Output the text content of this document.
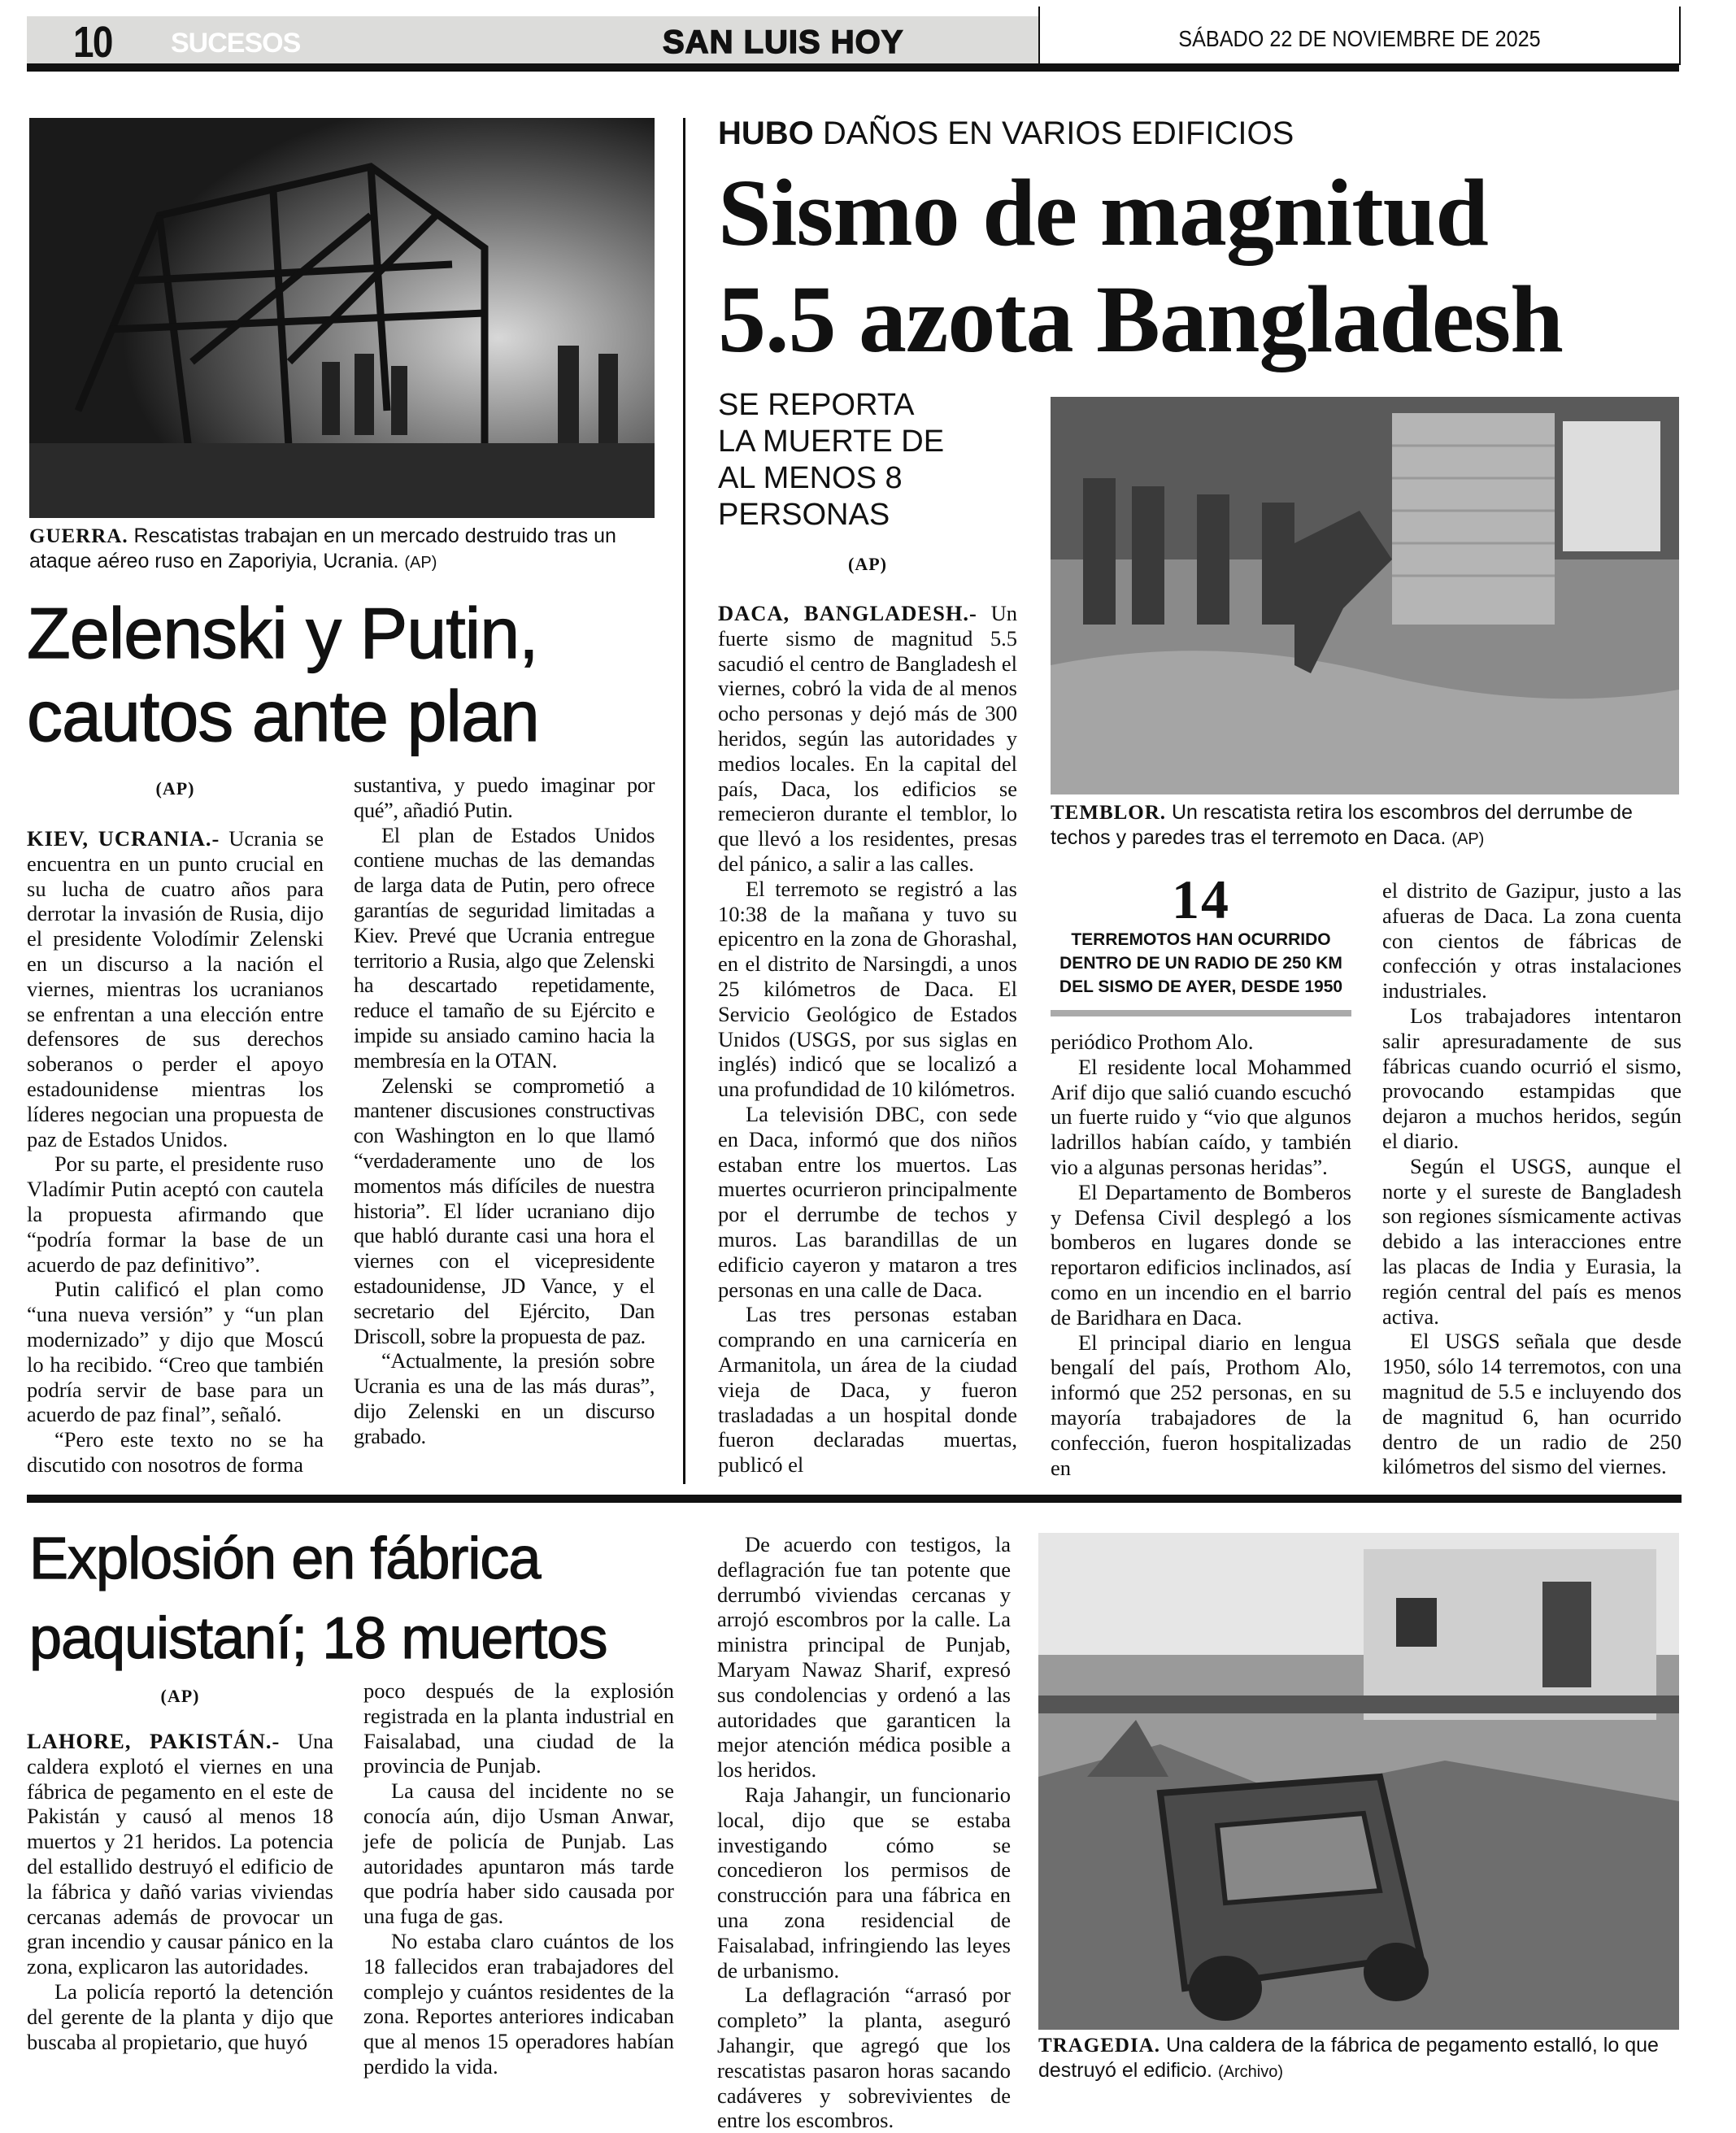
10 SUCESOS	SAN LUIS HOY	SÁBADO 22 DE NOVIEMBRE DE 2025
GUERRA. Rescatistas trabajan en un mercado destruido tras un ataque aéreo ruso en Zaporiyia, Ucrania. (AP)
Zelenski y Putin,
cautos ante plan
(AP)

KIEV, UCRANIA.- Ucrania se encuentra en un punto crucial en su lucha de cuatro años para derrotar la invasión de Rusia, dijo el presidente Volodímir Zelenski en un discurso a la nación el viernes, mientras los ucranianos se enfrentan a una elección entre defensores de sus derechos soberanos o perder el apoyo estadounidense mientras los líderes negocian una propuesta de paz de Estados Unidos.

Por su parte, el presidente ruso Vladímir Putin aceptó con cautela la propuesta afirmando que “podría formar la base de un acuerdo de paz definitivo”.

Putin calificó el plan como “una nueva versión” y “un plan modernizado” y dijo que Moscú lo ha recibido. “Creo que también podría servir de base para un acuerdo de paz final”, señaló.

“Pero este texto no se ha discutido con nosotros de forma

sustantiva, y puedo imaginar por qué”, añadió Putin.

El plan de Estados Unidos contiene muchas de las demandas de larga data de Putin, pero ofrece garantías de seguridad limitadas a Kiev. Prevé que Ucrania entregue territorio a Rusia, algo que Zelenski ha descartado repetidamente, reduce el tamaño de su Ejército e impide su ansiado camino hacia la membresía en la OTAN.

Zelenski se comprometió a mantener discusiones constructivas con Washington en lo que llamó “verdaderamente uno de los momentos más difíciles de nuestra historia”. El líder ucraniano dijo que habló durante casi una hora el viernes con el vicepresidente estadounidense, JD Vance, y el secretario del Ejército, Dan Driscoll, sobre la propuesta de paz.

“Actualmente, la presión sobre Ucrania es una de las más duras”, dijo Zelenski en un discurso grabado.

HUBO DAÑOS EN VARIOS EDIFICIOS
Sismo de magnitud
5.5 azota Bangladesh
SE REPORTA
LA MUERTE DE
AL MENOS 8
PERSONAS
(AP)
TEMBLOR. Un rescatista retira los escombros del derrumbe de techos y paredes tras el terremoto en Daca. (AP)
14
TERREMOTOS HAN OCURRIDO
DENTRO DE UN RADIO DE 250 KM
DEL SISMO DE AYER, DESDE 1950

DACA, BANGLADESH.- Un fuerte sismo de magnitud 5.5 sacudió el centro de Bangladesh el viernes, cobró la vida de al menos ocho personas y dejó más de 300 heridos, según las autoridades y medios locales. En la capital del país, Daca, los edificios se remecieron durante el temblor, lo que llevó a los residentes, presas del pánico, a salir a las calles.

El terremoto se registró a las 10:38 de la mañana y tuvo su epicentro en la zona de Ghorashal, en el distrito de Narsingdi, a unos 25 kilómetros de Daca. El Servicio Geológico de Estados Unidos (USGS, por sus siglas en inglés) indicó que se localizó a una profundidad de 10 kilómetros.

La televisión DBC, con sede en Daca, informó que dos niños estaban entre los muertos. Las muertes ocurrieron principalmente por el derrumbe de techos y muros. Las barandillas de un edificio cayeron y mataron a tres personas en una calle de Daca.

Las tres personas estaban comprando en una carnicería en Armanitola, un área de la ciudad vieja de Daca, y fueron trasladadas a un hospital donde fueron declaradas muertas, publicó el

periódico Prothom Alo.

El residente local Mohammed Arif dijo que salió cuando escuchó un fuerte ruido y “vio que algunos ladrillos habían caído, y también vio a algunas personas heridas”.

El Departamento de Bomberos y Defensa Civil desplegó a los bomberos en lugares donde se reportaron edificios inclinados, así como en un incendio en el barrio de Baridhara en Daca.

El principal diario en lengua bengalí del país, Prothom Alo, informó que 252 personas, en su mayoría trabajadores de la confección, fueron hospitalizadas en

el distrito de Gazipur, justo a las afueras de Daca. La zona cuenta con cientos de fábricas de confección y otras instalaciones industriales.

Los trabajadores intentaron salir apresuradamente de sus fábricas cuando ocurrió el sismo, provocando estampidas que dejaron a muchos heridos, según el diario.

Según el USGS, aunque el norte y el sureste de Bangladesh son regiones sísmicamente activas debido a las interacciones entre las placas de India y Eurasia, la región central del país es menos activa.

El USGS señala que desde 1950, sólo 14 terremotos, con una magnitud de 5.5 e incluyendo dos de magnitud 6, han ocurrido dentro de un radio de 250 kilómetros del sismo del viernes.

Explosión en fábrica
paquistaní; 18 muertos
(AP)

LAHORE, PAKISTÁN.- Una caldera explotó el viernes en una fábrica de pegamento en el este de Pakistán y causó al menos 18 muertos y 21 heridos. La potencia del estallido destruyó el edificio de la fábrica y dañó varias viviendas cercanas además de provocar un gran incendio y causar pánico en la zona, explicaron las autoridades.

La policía reportó la detención del gerente de la planta y dijo que buscaba al propietario, que huyó

poco después de la explosión registrada en la planta industrial en Faisalabad, una ciudad de la provincia de Punjab.

La causa del incidente no se conocía aún, dijo Usman Anwar, jefe de policía de Punjab. Las autoridades apuntaron más tarde que podría haber sido causada por una fuga de gas.

No estaba claro cuántos de los 18 fallecidos eran trabajadores del complejo y cuántos residentes de la zona. Reportes anteriores indicaban que al menos 15 operadores habían perdido la vida.

De acuerdo con testigos, la deflagración fue tan potente que derrumbó viviendas cercanas y arrojó escombros por la calle. La ministra principal de Punjab, Maryam Nawaz Sharif, expresó sus condolencias y ordenó a las autoridades que garanticen la mejor atención médica posible a los heridos.

Raja Jahangir, un funcionario local, dijo que se estaba investigando cómo se concedieron los permisos de construcción para una fábrica en una zona residencial de Faisalabad, infringiendo las leyes de urbanismo.

La deflagración “arrasó por completo” la planta, aseguró Jahangir, que agregó que los rescatistas pasaron horas sacando cadáveres y sobrevivientes de entre los escombros.

TRAGEDIA. Una caldera de la fábrica de pegamento estalló, lo que destruyó el edificio. (Archivo)
